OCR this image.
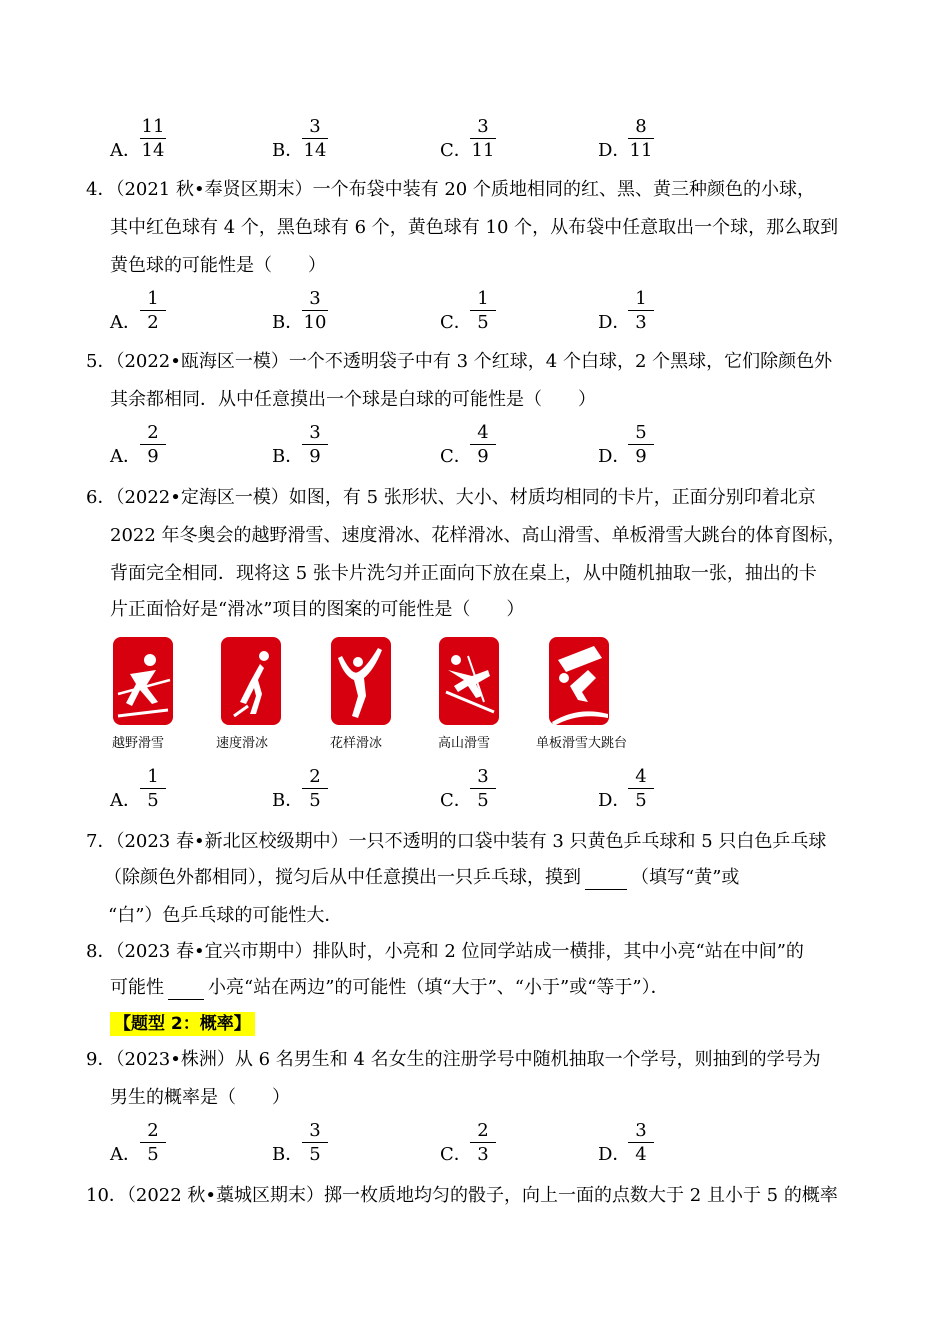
A．
11
14	B．
3
14	C．
3
11	D．
8
11
4．（2021 秋•奉贤区期末）一个布袋中装有 20 个质地相同的红、黑、黄三种颜色的小球，
其中红色球有 4 个，黑色球有 6 个，黄色球有 10 个，从布袋中任意取出一个球，那么取到
黄色球的可能性是（　　）
A．
1
2	B．
3
10	C．
1
5	D．
1
3
5．（2022•瓯海区一模）一个不透明袋子中有 3 个红球，4 个白球，2 个黑球，它们除颜色外
其余都相同．从中任意摸出一个球是白球的可能性是（　　）
A．
2
9	B．
3
9	C．
4
9	D．
5
9
6．（2022•定海区一模）如图，有 5 张形状、大小、材质均相同的卡片，正面分别印着北京
2022 年冬奥会的越野滑雪、速度滑冰、花样滑冰、高山滑雪、单板滑雪大跳台的体育图标，
背面完全相同．现将这 5 张卡片洗匀并正面向下放在桌上，从中随机抽取一张，抽出的卡
片正面恰好是“滑冰”项目的图案的可能性是（　　）
越野滑雪	速度滑冰	花样滑冰	高山滑雪	单板滑雪大跳台
A．
1
5	B．
2
5	C．
3
5	D．
4
5
7．（2023 春•新北区校级期中）一只不透明的口袋中装有 3 只黄色乒乓球和 5 只白色乒乓球
（除颜色外都相同），搅匀后从中任意摸出一只乒乓球，摸到	（填写“黄”或
“白”）色乒乓球的可能性大．
8．（2023 春•宜兴市期中）排队时，小亮和 2 位同学站成一横排，其中小亮“站在中间”的
可能性 小亮“站在两边”的可能性（填“大于”、“小于”或“等于”）．
【题型 2：概率】
9．（2023•株洲）从 6 名男生和 4 名女生的注册学号中随机抽取一个学号，则抽到的学号为
男生的概率是（　　）
A．
2
5	B．
3
5	C．
2
3	D．
3
4
10．（2022 秋•藁城区期末）掷一枚质地均匀的骰子，向上一面的点数大于 2 且小于 5 的概率
